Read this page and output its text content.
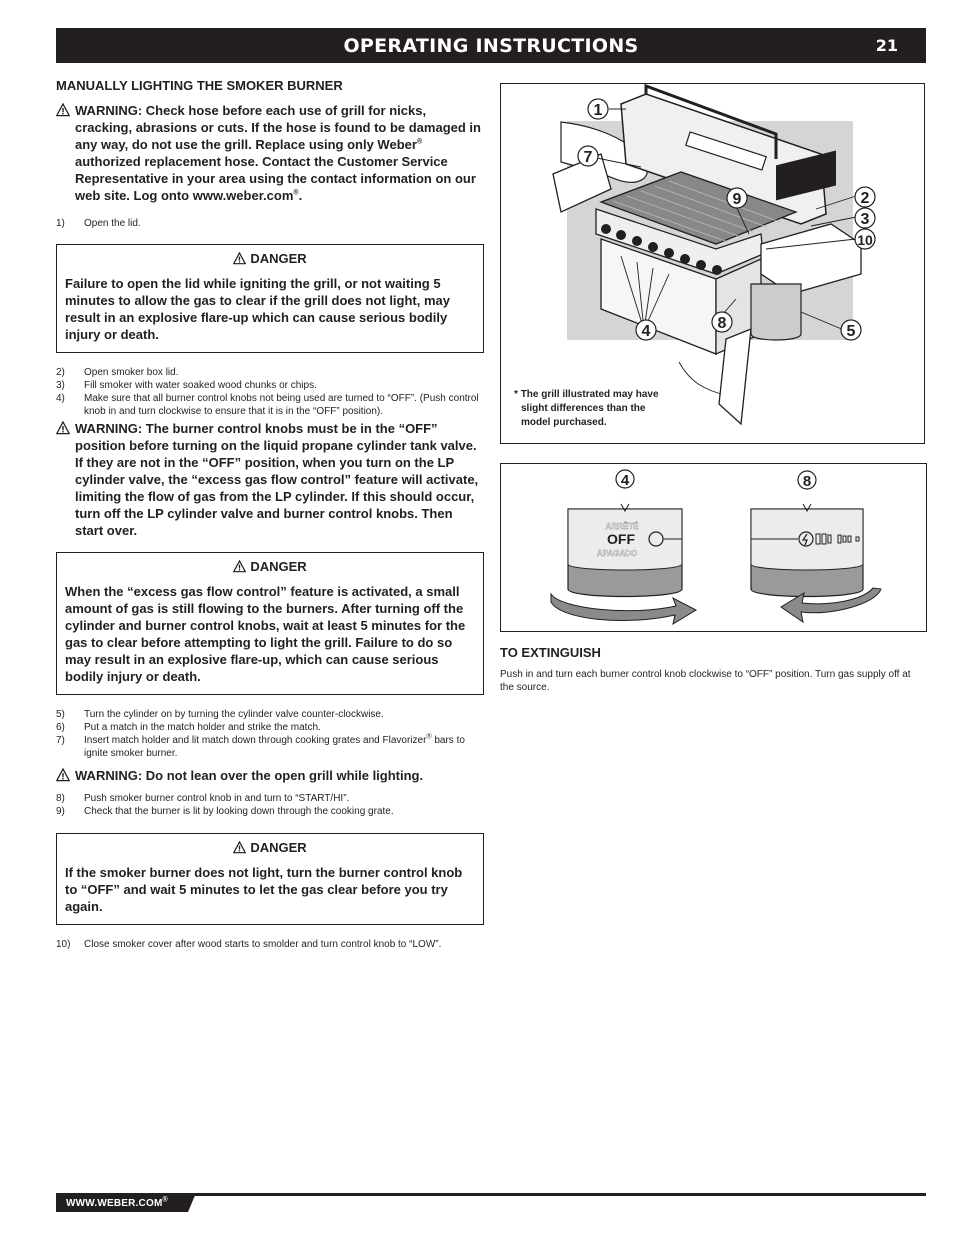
OPERATING INSTRUCTIONS	21
MANUALLY LIGHTING THE SMOKER BURNER
WARNING: Check hose before each use of grill for nicks, cracking, abrasions or cuts. If the hose is found to be damaged in any way, do not use the grill. Replace using only Weber® authorized replacement hose. Contact the Customer Service Representative in your area using the contact information on our web site. Log onto www.weber.com®.
1) Open the lid.
DANGER
Failure to open the lid while igniting the grill, or not waiting 5 minutes to allow the gas to clear if the grill does not light, may result in an explosive flare-up which can cause serious bodily injury or death.
2) Open smoker box lid.
3) Fill smoker with water soaked wood chunks or chips.
4) Make sure that all burner control knobs not being used are turned to “OFF”. (Push control knob in and turn clockwise to ensure that it is in the “OFF” position).
WARNING: The burner control knobs must be in the “OFF” position before turning on the liquid propane cylinder tank valve. If they are not in the “OFF” position, when you turn on the LP cylinder valve, the “excess gas flow control” feature will activate, limiting the flow of gas from the LP cylinder. If this should occur, turn off the LP cylinder valve and burner control knobs. Then start over.
DANGER
When the “excess gas flow control” feature is activated, a small amount of gas is still flowing to the burners. After turning off the cylinder and burner control knobs, wait at least 5 minutes for the gas to clear before attempting to light the grill. Failure to do so may result in an explosive flare-up, which can cause serious bodily injury or death.
5) Turn the cylinder on by turning the cylinder valve counter-clockwise.
6) Put a match in the match holder and strike the match.
7) Insert match holder and lit match down through cooking grates and Flavorizer® bars to ignite smoker burner.
WARNING: Do not lean over the open grill while lighting.
8) Push smoker burner control knob in and turn to “START/HI”.
9) Check that the burner is lit by looking down through the cooking grate.
DANGER
If the smoker burner does not light, turn the burner control knob to “OFF” and wait 5 minutes to let the gas clear before you try again.
10) Close smoker cover after wood starts to smolder and turn control knob to “LOW”.
1
7
9	2
3
10
8
4	5
* The grill illustrated may have
slight differences than the
model purchased.
4
ARRÊTÉ
OFF
APAGADO
8
TO EXTINGUISH
Push in and turn each burner control knob clockwise to “OFF” position. Turn gas supply off at the source.
WWW.WEBER.COM®
